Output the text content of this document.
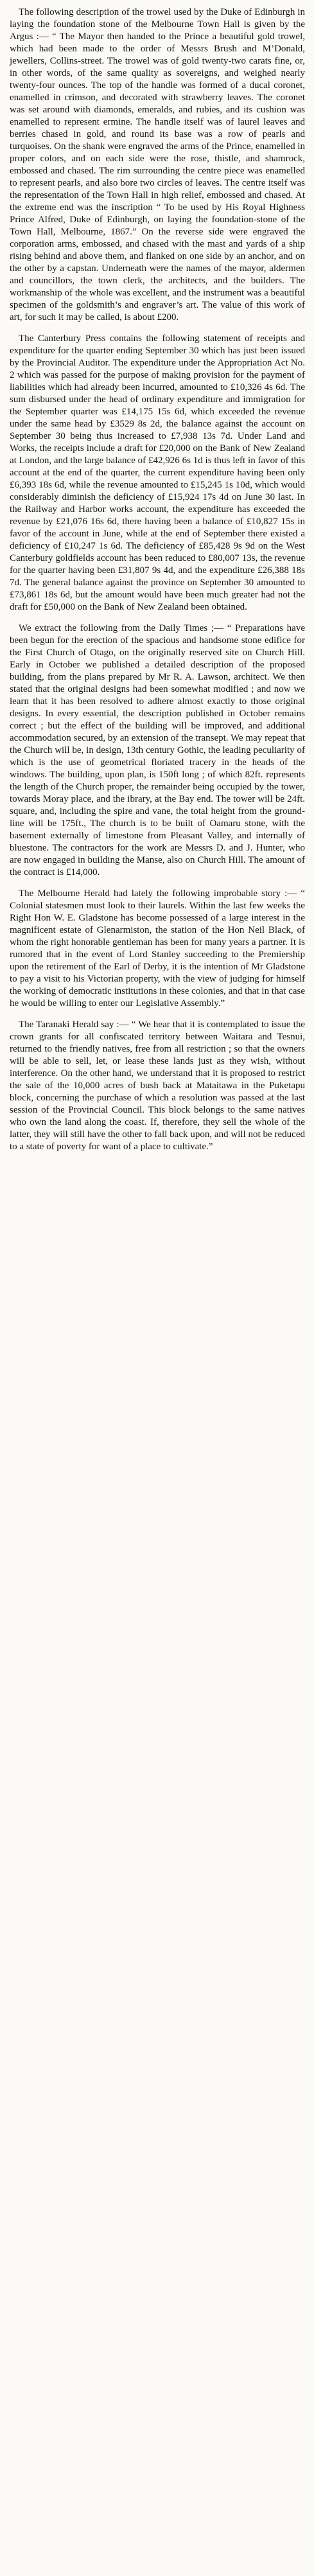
The following description of the trowel used by the Duke of Edinburgh in laying the foundation stone of the Melbourne Town Hall is given by the Argus :— “ The Mayor then handed to the Prince a beautiful gold trowel, which had been made to the order of Messrs Brush and M’Donald, jewellers, Collins-street. The trowel was of gold twenty-two carats fine, or, in other words, of the same quality as sovereigns, and weighed nearly twenty-four ounces. The top of the handle was formed of a ducal coronet, enamelled in crimson, and decorated with strawberry leaves. The coronet was set around with diamonds, emeralds, and rubies, and its cushion was enamelled to represent ermine. The handle itself was of laurel leaves and berries chased in gold, and round its base was a row of pearls and turquoises. On the shank were engraved the arms of the Prince, enamelled in proper colors, and on each side were the rose, thistle, and shamrock, embossed and chased. The rim surrounding the centre piece was enamelled to represent pearls, and also bore two circles of leaves. The centre itself was the representation of the Town Hall in high relief, embossed and chased. At the extreme end was the inscription “ To be used by His Royal Highness Prince Alfred, Duke of Edinburgh, on laying the foundation-stone of the Town Hall, Melbourne, 1867.” On the reverse side were engraved the corporation arms, embossed, and chased with the mast and yards of a ship rising behind and above them, and flanked on one side by an anchor, and on the other by a capstan. Underneath were the names of the mayor, aldermen and councillors, the town clerk, the architects, and the builders. The workmanship of the whole was excellent, and the instrument was a beautiful specimen of the goldsmith’s and engraver’s art. The value of this work of art, for such it may be called, is about £200.

The Canterbury Press contains the following statement of receipts and expenditure for the quarter ending September 30 which has just been issued by the Provincial Auditor. The expenditure under the Appropriation Act No. 2 which was passed for the purpose of making provision for the payment of liabilities which had already been incurred, amounted to £10,326 4s 6d. The sum disbursed under the head of ordinary expenditure and immigration for the September quarter was £14,175 15s 6d, which exceeded the revenue under the same head by £3529 8s 2d, the balance against the account on September 30 being thus increased to £7,938 13s 7d. Under Land and Works, the receipts include a draft for £20,000 on the Bank of New Zealand at London, and the large balance of £42,926 6s 1d is thus left in favor of this account at the end of the quarter, the current expenditure having been only £6,393 18s 6d, while the revenue amounted to £15,245 1s 10d, which would considerably diminish the deficiency of £15,924 17s 4d on June 30 last. In the Railway and Harbor works account, the expenditure has exceeded the revenue by £21,076 16s 6d, there having been a balance of £10,827 15s in favor of the account in June, while at the end of September there existed a deficiency of £10,247 1s 6d. The deficiency of £85,428 9s 9d on the West Canterbury goldfields account has been reduced to £80,007 13s, the revenue for the quarter having been £31,807 9s 4d, and the expenditure £26,388 18s 7d. The general balance against the province on September 30 amounted to £73,861 18s 6d, but the amount would have been much greater had not the draft for £50,000 on the Bank of New Zealand been obtained.

We extract the following from the Daily Times ;— “ Preparations have been begun for the erection of the spacious and handsome stone edifice for the First Church of Otago, on the originally reserved site on Church Hill. Early in October we published a detailed description of the proposed building, from the plans prepared by Mr R. A. Lawson, architect. We then stated that the original designs had been somewhat modified ; and now we learn that it has been resolved to adhere almost exactly to those original designs. In every essential, the description published in October remains correct ; but the effect of the building will be improved, and additional accommodation secured, by an extension of the transept. We may repeat that the Church will be, in design, 13th century Gothic, the leading peculiarity of which is the use of geometrical floriated tracery in the heads of the windows. The building, upon plan, is 150ft long ; of which 82ft. represents the length of the Church proper, the remainder being occupied by the tower, towards Moray place, and the ibrary, at the Bay end. The tower will be 24ft. square, and, including the spire and vane, the total height from the ground-line will be 175ft., The church is to be built of Oamaru stone, with the basement externally of limestone from Pleasant Valley, and internally of bluestone. The contractors for the work are Messrs D. and J. Hunter, who are now engaged in building the Manse, also on Church Hill. The amount of the contract is £14,000.

The Melbourne Herald had lately the following improbable story :— “ Colonial statesmen must look to their laurels. Within the last few weeks the Right Hon W. E. Gladstone has become possessed of a large interest in the magnificent estate of Glenarmiston, the station of the Hon Neil Black, of whom the right honorable gentleman has been for many years a partner. It is rumored that in the event of Lord Stanley succeeding to the Premiership upon the retirement of the Earl of Derby, it is the intention of Mr Gladstone to pay a visit to his Victorian property, with the view of judging for himself the working of democratic institutions in these colonies, and that in that case he would be willing to enter our Legislative Assembly.”

The Taranaki Herald say :— “ We hear that it is contemplated to issue the crown grants for all confiscated territory between Waitara and Tesnui, returned to the friendly natives, free from all restriction ; so that the owners will be able to sell, let, or lease these lands just as they wish, without interference. On the other hand, we understand that it is proposed to restrict the sale of the 10,000 acres of bush back at Mataitawa in the Puketapu block, concerning the purchase of which a resolution was passed at the last session of the Provincial Council. This block belongs to the same natives who own the land along the coast. If, therefore, they sell the whole of the latter, they will still have the other to fall back upon, and will not be reduced to a state of poverty for want of a place to cultivate.”
